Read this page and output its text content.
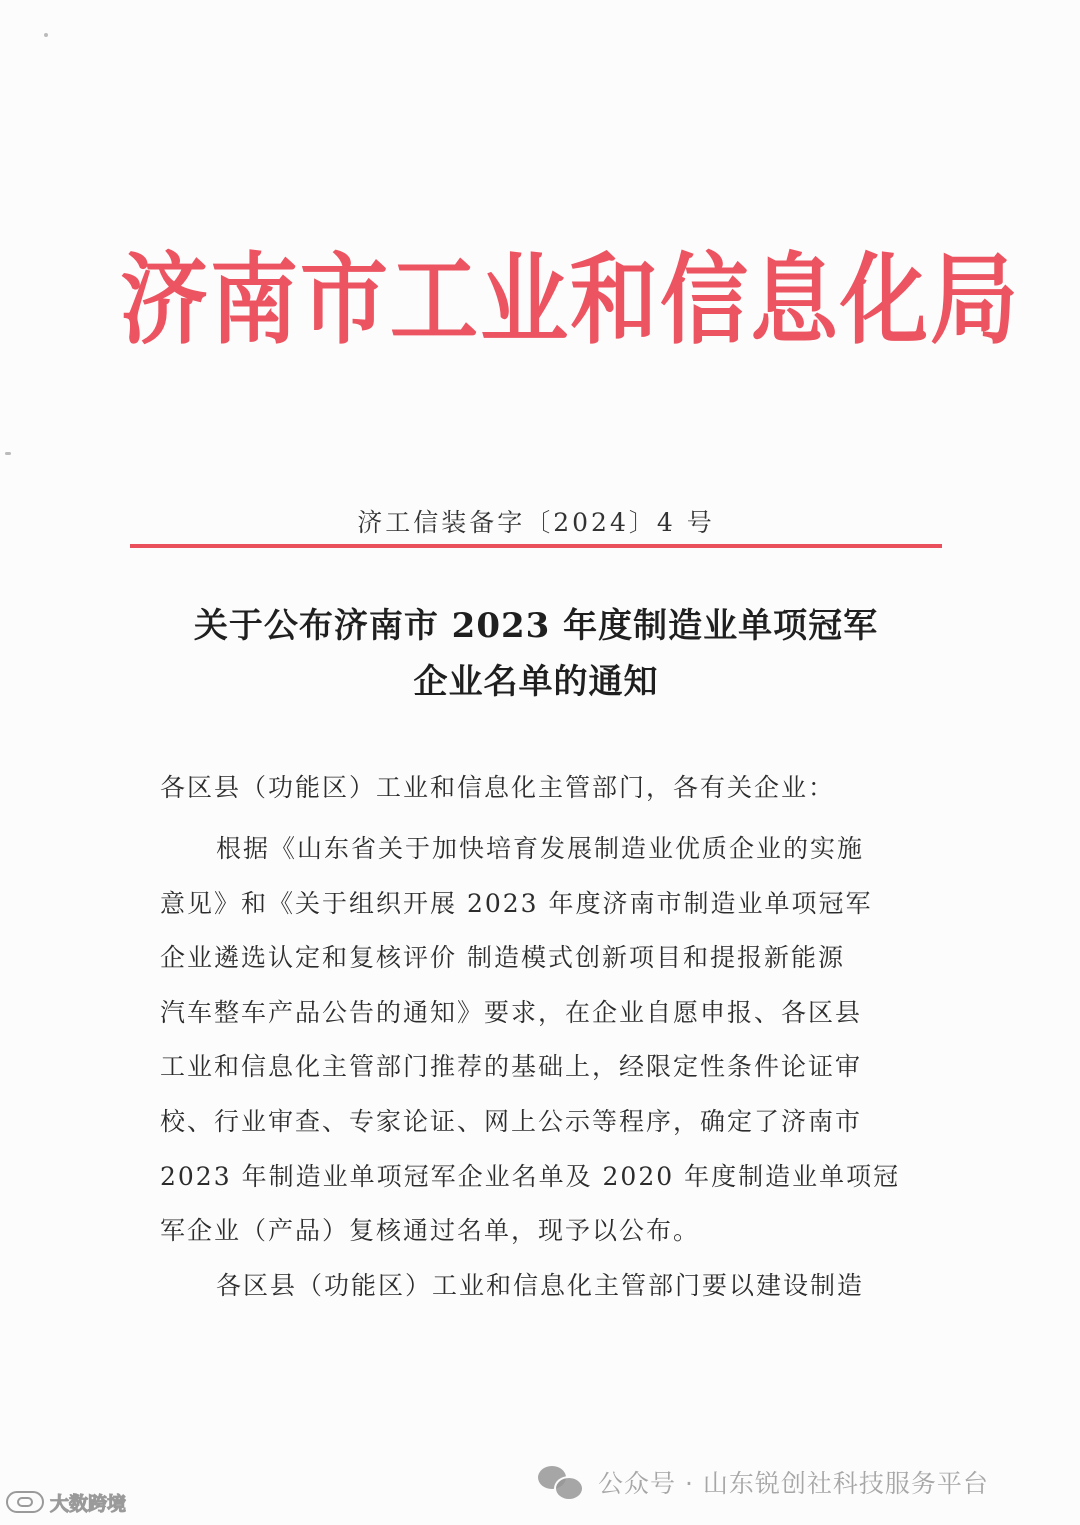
济南市工业和信息化局
济工信装备字〔2024〕4 号
关于公布济南市 2023 年度制造业单项冠军
企业名单的通知
各区县（功能区）工业和信息化主管部门，各有关企业：
根据《山东省关于加快培育发展制造业优质企业的实施
意见》和《关于组织开展 2023 年度济南市制造业单项冠军
企业遴选认定和复核评价 制造模式创新项目和提报新能源
汽车整车产品公告的通知》要求，在企业自愿申报、各区县
工业和信息化主管部门推荐的基础上，经限定性条件论证审
校、行业审查、专家论证、网上公示等程序，确定了济南市
2023 年制造业单项冠军企业名单及 2020 年度制造业单项冠
军企业（产品）复核通过名单，现予以公布。
各区县（功能区）工业和信息化主管部门要以建设制造
公众号 · 山东锐创社科技服务平台
大数跨境
